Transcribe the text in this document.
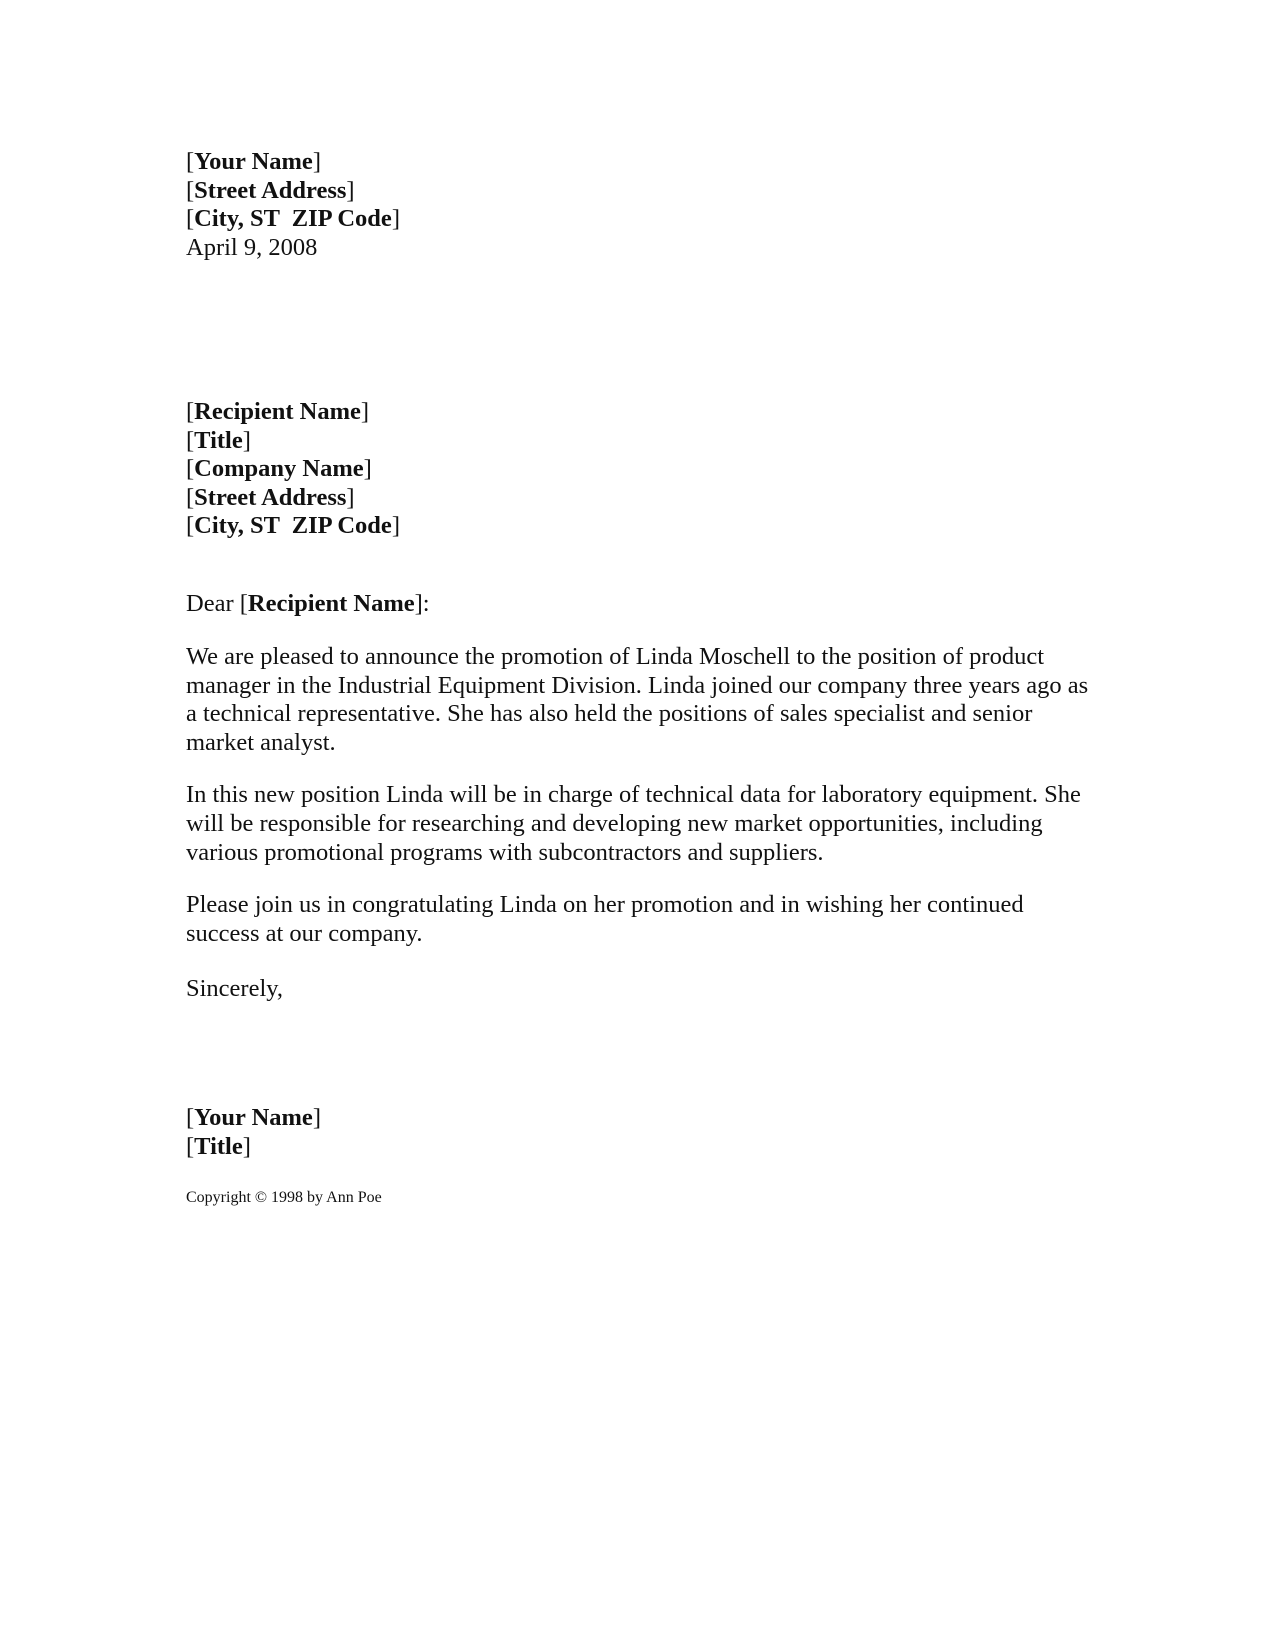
[Your Name]
[Street Address]
[City, ST  ZIP Code]
April 9, 2008
[Recipient Name]
[Title]
[Company Name]
[Street Address]
[City, ST  ZIP Code]
Dear [Recipient Name]:
We are pleased to announce the promotion of Linda Moschell to the position of product manager in the Industrial Equipment Division. Linda joined our company three years ago as a technical representative. She has also held the positions of sales specialist and senior market analyst.
In this new position Linda will be in charge of technical data for laboratory equipment. She will be responsible for researching and developing new market opportunities, including various promotional programs with subcontractors and suppliers.
Please join us in congratulating Linda on her promotion and in wishing her continued success at our company.
Sincerely,
[Your Name]
[Title]
Copyright © 1998 by Ann Poe
